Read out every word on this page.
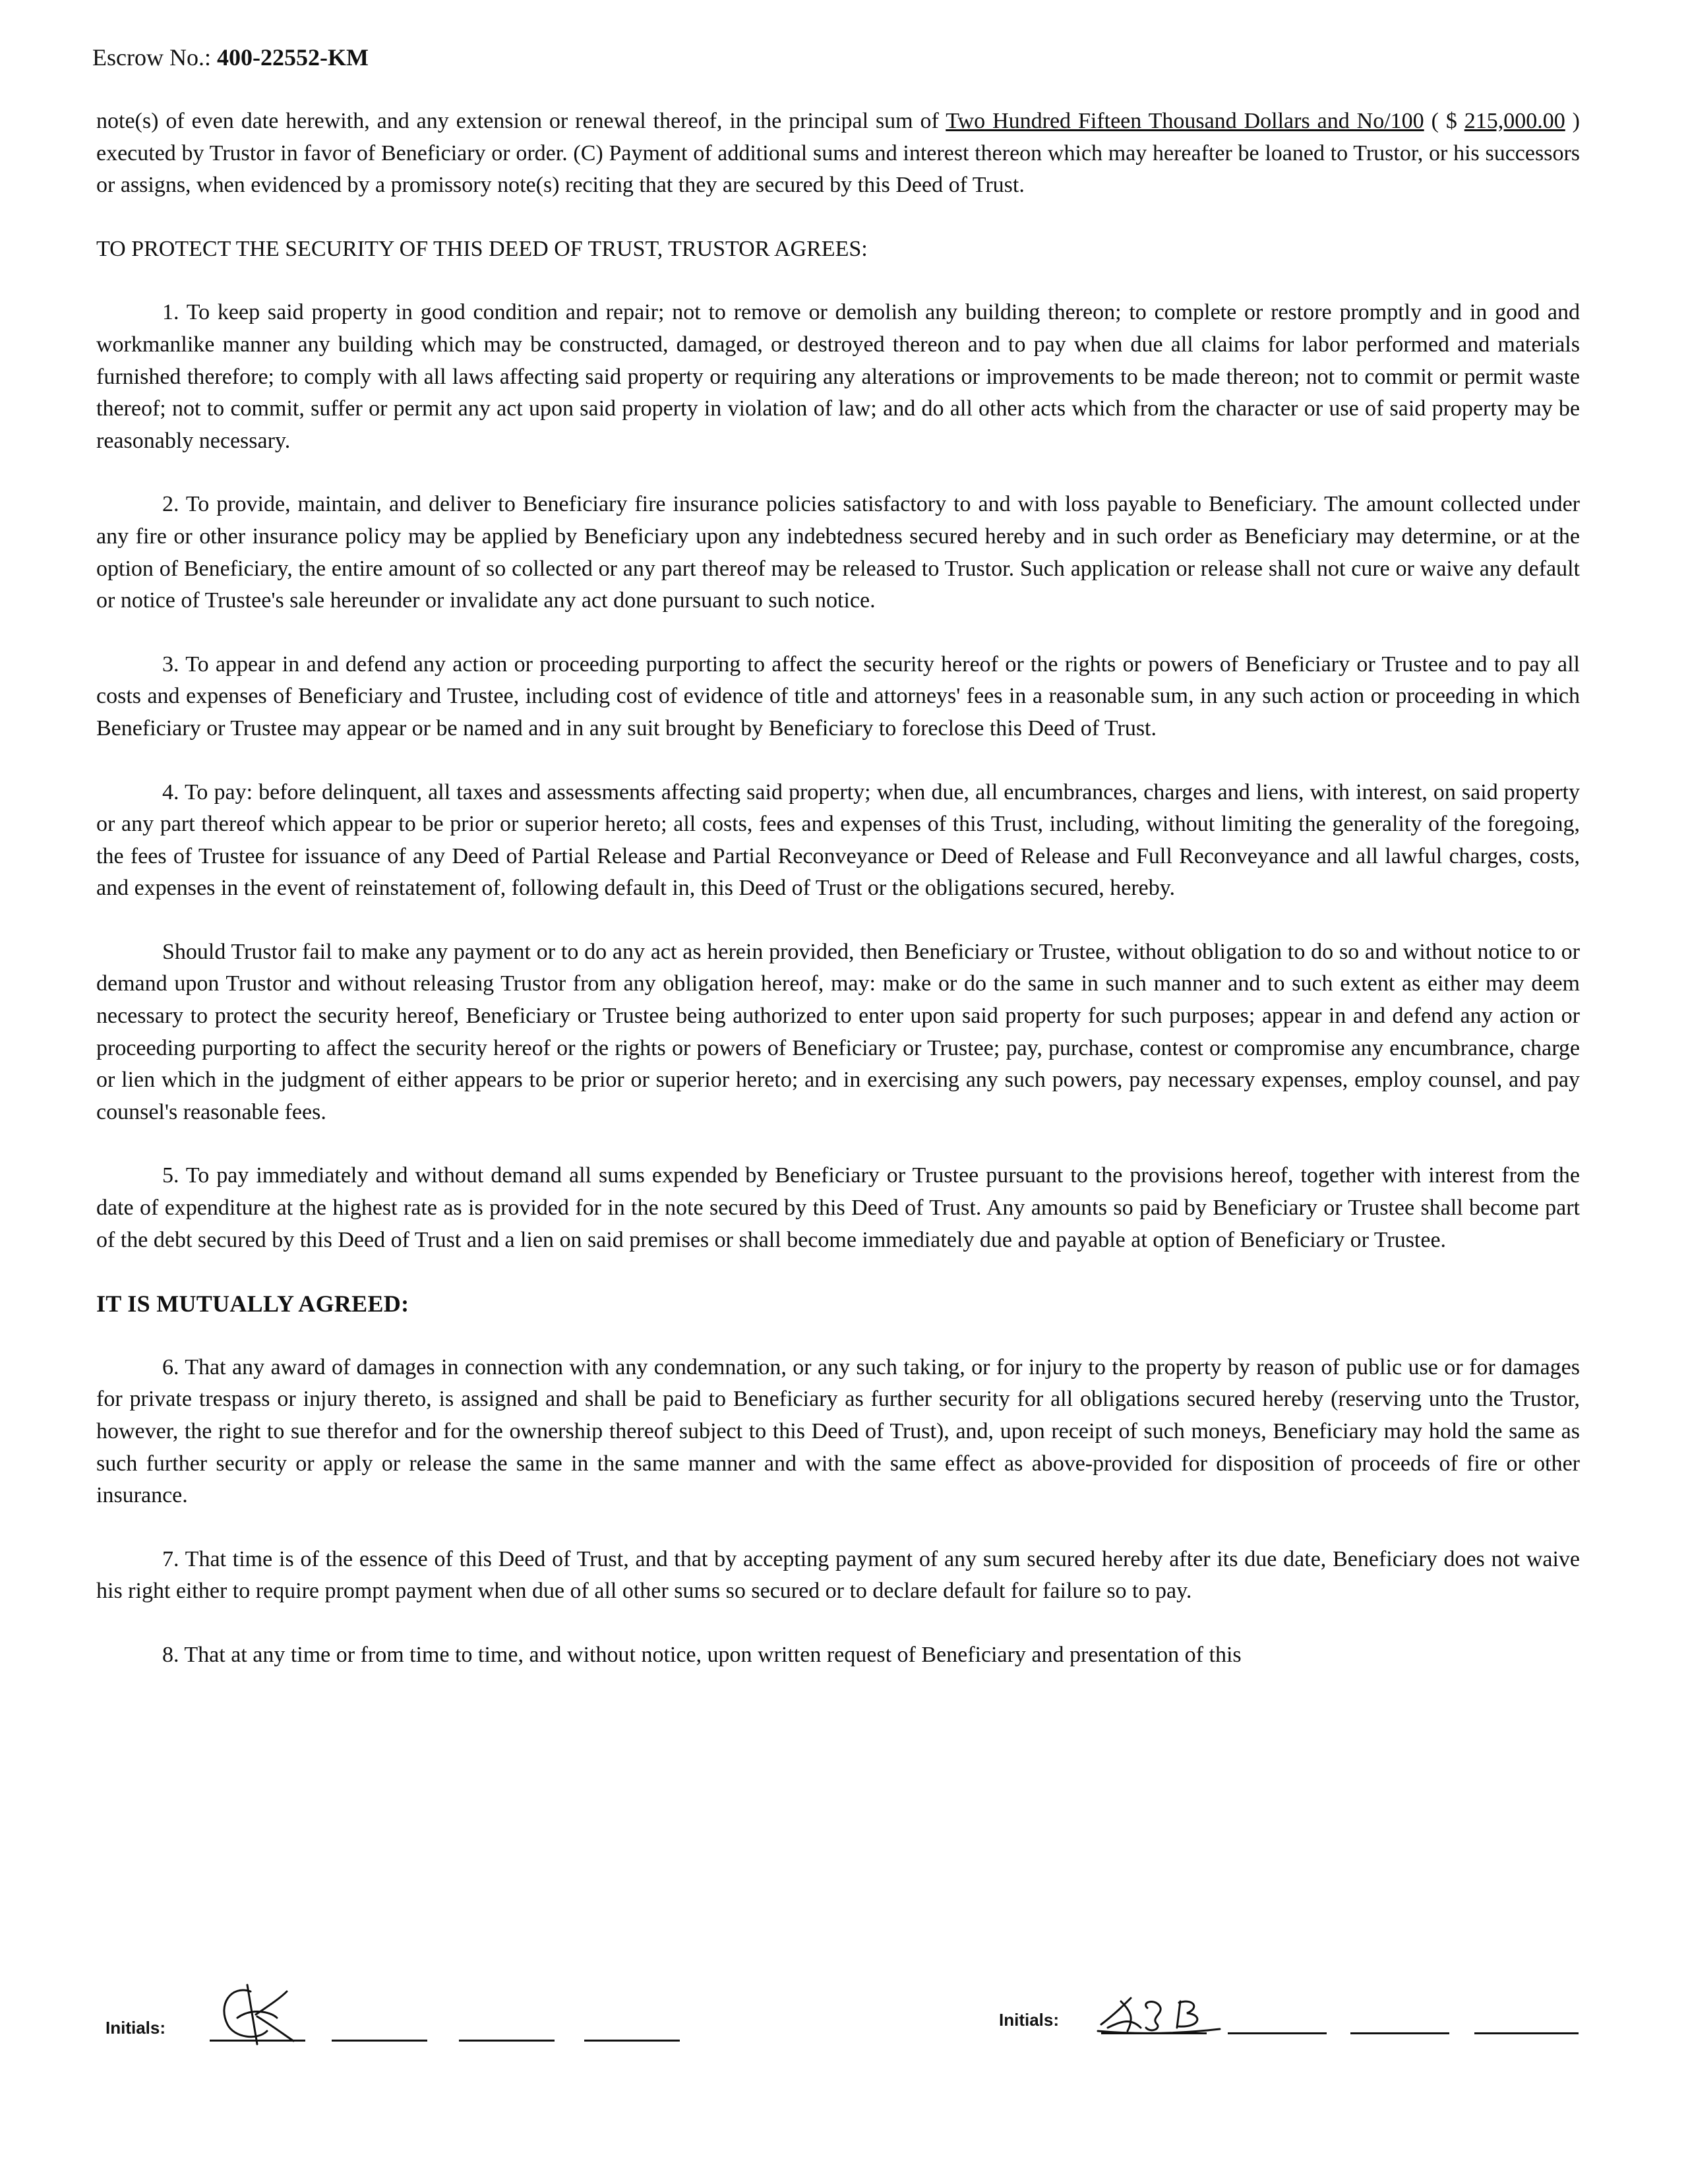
Escrow No.: 400-22552-KM

note(s) of even date herewith, and any extension or renewal thereof, in the principal sum of Two Hundred Fifteen Thousand Dollars and No/100 ( $ 215,000.00 ) executed by Trustor in favor of Beneficiary or order. (C) Payment of additional sums and interest thereon which may hereafter be loaned to Trustor, or his successors or assigns, when evidenced by a promissory note(s) reciting that they are secured by this Deed of Trust.

TO PROTECT THE SECURITY OF THIS DEED OF TRUST, TRUSTOR AGREES:

1. To keep said property in good condition and repair; not to remove or demolish any building thereon; to complete or restore promptly and in good and workmanlike manner any building which may be constructed, damaged, or destroyed thereon and to pay when due all claims for labor performed and materials furnished therefore; to comply with all laws affecting said property or requiring any alterations or improvements to be made thereon; not to commit or permit waste thereof; not to commit, suffer or permit any act upon said property in violation of law; and do all other acts which from the character or use of said property may be reasonably necessary.

2. To provide, maintain, and deliver to Beneficiary fire insurance policies satisfactory to and with loss payable to Beneficiary. The amount collected under any fire or other insurance policy may be applied by Beneficiary upon any indebtedness secured hereby and in such order as Beneficiary may determine, or at the option of Beneficiary, the entire amount of so collected or any part thereof may be released to Trustor. Such application or release shall not cure or waive any default or notice of Trustee's sale hereunder or invalidate any act done pursuant to such notice.

3. To appear in and defend any action or proceeding purporting to affect the security hereof or the rights or powers of Beneficiary or Trustee and to pay all costs and expenses of Beneficiary and Trustee, including cost of evidence of title and attorneys' fees in a reasonable sum, in any such action or proceeding in which Beneficiary or Trustee may appear or be named and in any suit brought by Beneficiary to foreclose this Deed of Trust.

4. To pay: before delinquent, all taxes and assessments affecting said property; when due, all encumbrances, charges and liens, with interest, on said property or any part thereof which appear to be prior or superior hereto; all costs, fees and expenses of this Trust, including, without limiting the generality of the foregoing, the fees of Trustee for issuance of any Deed of Partial Release and Partial Reconveyance or Deed of Release and Full Reconveyance and all lawful charges, costs, and expenses in the event of reinstatement of, following default in, this Deed of Trust or the obligations secured, hereby.

Should Trustor fail to make any payment or to do any act as herein provided, then Beneficiary or Trustee, without obligation to do so and without notice to or demand upon Trustor and without releasing Trustor from any obligation hereof, may: make or do the same in such manner and to such extent as either may deem necessary to protect the security hereof, Beneficiary or Trustee being authorized to enter upon said property for such purposes; appear in and defend any action or proceeding purporting to affect the security hereof or the rights or powers of Beneficiary or Trustee; pay, purchase, contest or compromise any encumbrance, charge or lien which in the judgment of either appears to be prior or superior hereto; and in exercising any such powers, pay necessary expenses, employ counsel, and pay counsel's reasonable fees.

5. To pay immediately and without demand all sums expended by Beneficiary or Trustee pursuant to the provisions hereof, together with interest from the date of expenditure at the highest rate as is provided for in the note secured by this Deed of Trust. Any amounts so paid by Beneficiary or Trustee shall become part of the debt secured by this Deed of Trust and a lien on said premises or shall become immediately due and payable at option of Beneficiary or Trustee.

IT IS MUTUALLY AGREED:

6. That any award of damages in connection with any condemnation, or any such taking, or for injury to the property by reason of public use or for damages for private trespass or injury thereto, is assigned and shall be paid to Beneficiary as further security for all obligations secured hereby (reserving unto the Trustor, however, the right to sue therefor and for the ownership thereof subject to this Deed of Trust), and, upon receipt of such moneys, Beneficiary may hold the same as such further security or apply or release the same in the same manner and with the same effect as above-provided for disposition of proceeds of fire or other insurance.

7. That time is of the essence of this Deed of Trust, and that by accepting payment of any sum secured hereby after its due date, Beneficiary does not waive his right either to require prompt payment when due of all other sums so secured or to declare default for failure so to pay.

8. That at any time or from time to time, and without notice, upon written request of Beneficiary and presentation of this

Initials:	Initials:
